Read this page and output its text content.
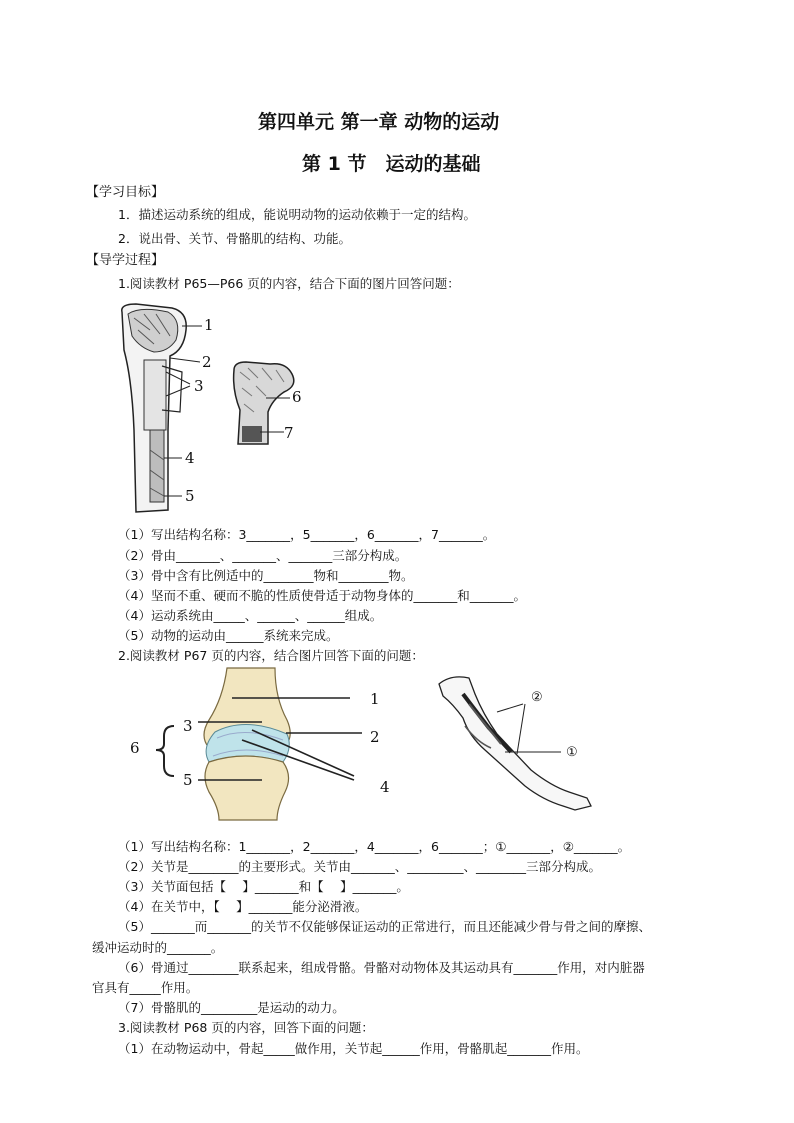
第四单元 第一章 动物的运动
第 1 节　运动的基础
【学习目标】
1．描述运动系统的组成，能说明动物的运动依赖于一定的结构。
2．说出骨、关节、骨骼肌的结构、功能。
【导学过程】
1.阅读教材 P65—P66 页的内容，结合下面的图片回答问题：
1
2
3
4
5
6
7
（1）写出结构名称：3_______，5_______，6_______，7_______。
（2）骨由_______、_______、_______三部分构成。
（3）骨中含有比例适中的________物和________物。
（4）坚而不重、硬而不脆的性质使骨适于动物身体的_______和_______。
（4）运动系统由_____、______、______组成。
（5）动物的运动由______系统来完成。
2.阅读教材 P67 页的内容，结合图片回答下面的问题：
1
2
3
4
5
6
②
①
（1）写出结构名称：1_______，2_______，4_______，6_______；①_______，②_______。
（2）关节是________的主要形式。关节由_______、_________、________三部分构成。
（3）关节面包括【　 】_______和【　 】_______。
（4）在关节中，【　 】_______能分泌滑液。
（5）_______而_______的关节不仅能够保证运动的正常进行，而且还能减少骨与骨之间的摩擦、
缓冲运动时的_______。
（6）骨通过________联系起来，组成骨骼。骨骼对动物体及其运动具有_______作用，对内脏器
官具有_____作用。
（7）骨骼肌的_________是运动的动力。
3.阅读教材 P68 页的内容，回答下面的问题：
（1）在动物运动中，骨起_____做作用，关节起______作用，骨骼肌起_______作用。
